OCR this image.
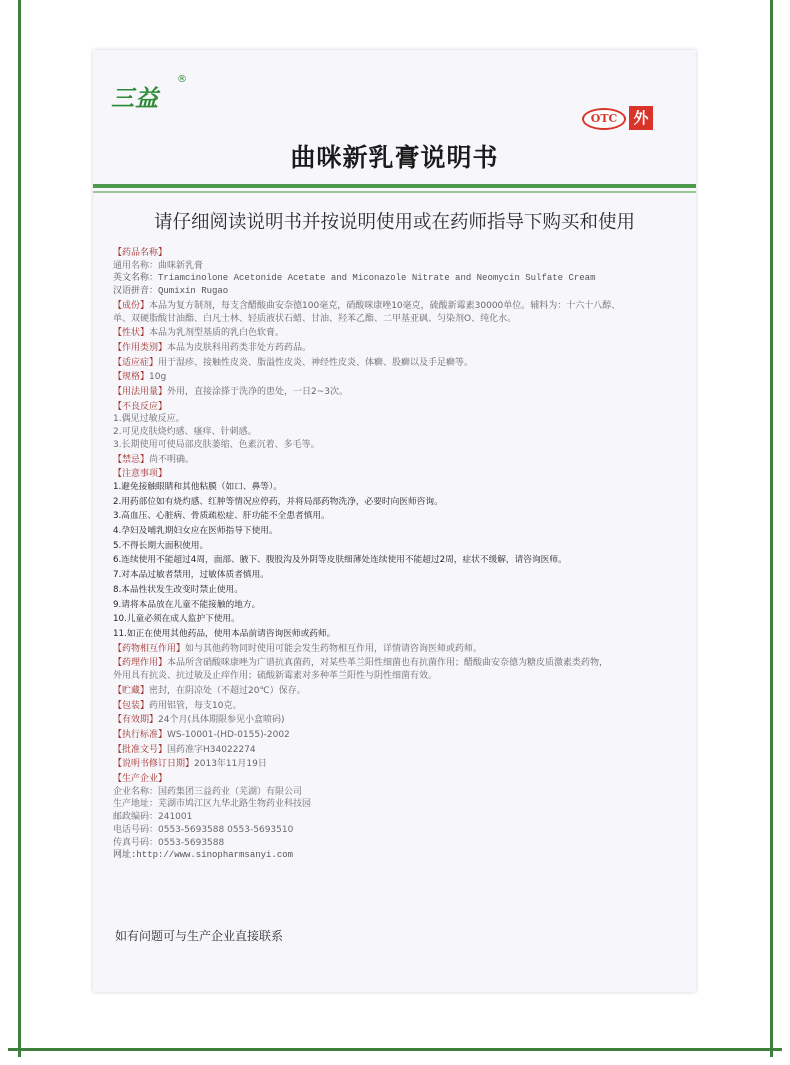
三益
®
OTC	外
曲咪新乳膏说明书
请仔细阅读说明书并按说明使用或在药师指导下购买和使用
【药品名称】
通用名称：曲咪新乳膏
英文名称：Triamcinolone Acetonide Acetate and Miconazole Nitrate and Neomycin Sulfate Cream
汉语拼音：Qumixin Rugao
【成份】本品为复方制剂，每支含醋酸曲安奈德100毫克，硝酸咪康唑10毫克，硫酸新霉素30000单位。辅料为：十六十八醇、
单、双硬脂酸甘油酯、白凡士林、轻质液状石蜡、甘油、羟苯乙酯、二甲基亚砜、匀染剂O、纯化水。
【性状】本品为乳剂型基质的乳白色软膏。
【作用类别】本品为皮肤科用药类非处方药药品。
【适应症】用于湿疹、接触性皮炎、脂溢性皮炎、神经性皮炎、体癣、股癣以及手足癣等。
【规格】10g
【用法用量】外用，直接涂搽于洗净的患处，一日2~3次。
【不良反应】
1.偶见过敏反应。
2.可见皮肤烧灼感、瘙痒、针刺感。
3.长期使用可使局部皮肤萎缩、色素沉着、多毛等。
【禁忌】尚不明确。
【注意事项】
1.避免接触眼睛和其他粘膜（如口、鼻等）。
2.用药部位如有烧灼感、红肿等情况应停药，并将局部药物洗净，必要时向医师咨询。
3.高血压、心脏病、骨质疏松症、肝功能不全患者慎用。
4.孕妇及哺乳期妇女应在医师指导下使用。
5.不得长期大面积使用。
6.连续使用不能超过4周，面部、腋下、腹股沟及外阴等皮肤细薄处连续使用不能超过2周，症状不缓解，请咨询医师。
7.对本品过敏者禁用，过敏体质者慎用。
8.本品性状发生改变时禁止使用。
9.请将本品放在儿童不能接触的地方。
10.儿童必须在成人监护下使用。
11.如正在使用其他药品，使用本品前请咨询医师或药师。
【药物相互作用】如与其他药物同时使用可能会发生药物相互作用，详情请咨询医师或药师。
【药理作用】本品所含硝酸咪康唑为广谱抗真菌药，对某些革兰阳性细菌也有抗菌作用；醋酸曲安奈德为糖皮质激素类药物，
外用具有抗炎、抗过敏及止痒作用；硫酸新霉素对多种革兰阳性与阴性细菌有效。
【贮藏】密封，在阴凉处（不超过20℃）保存。
【包装】药用铝管，每支10克。
【有效期】24个月(具体期限参见小盒喷码)
【执行标准】WS-10001-(HD-0155)-2002
【批准文号】国药准字H34022274
【说明书修订日期】2013年11月19日
【生产企业】
企业名称：国药集团三益药业（芜湖）有限公司
生产地址：芜湖市鸠江区九华北路生物药业科技园
邮政编码：241001
电话号码：0553-5693588 0553-5693510
传真号码：0553-5693588
网址:http://www.sinopharmsanyi.com
如有问题可与生产企业直接联系
